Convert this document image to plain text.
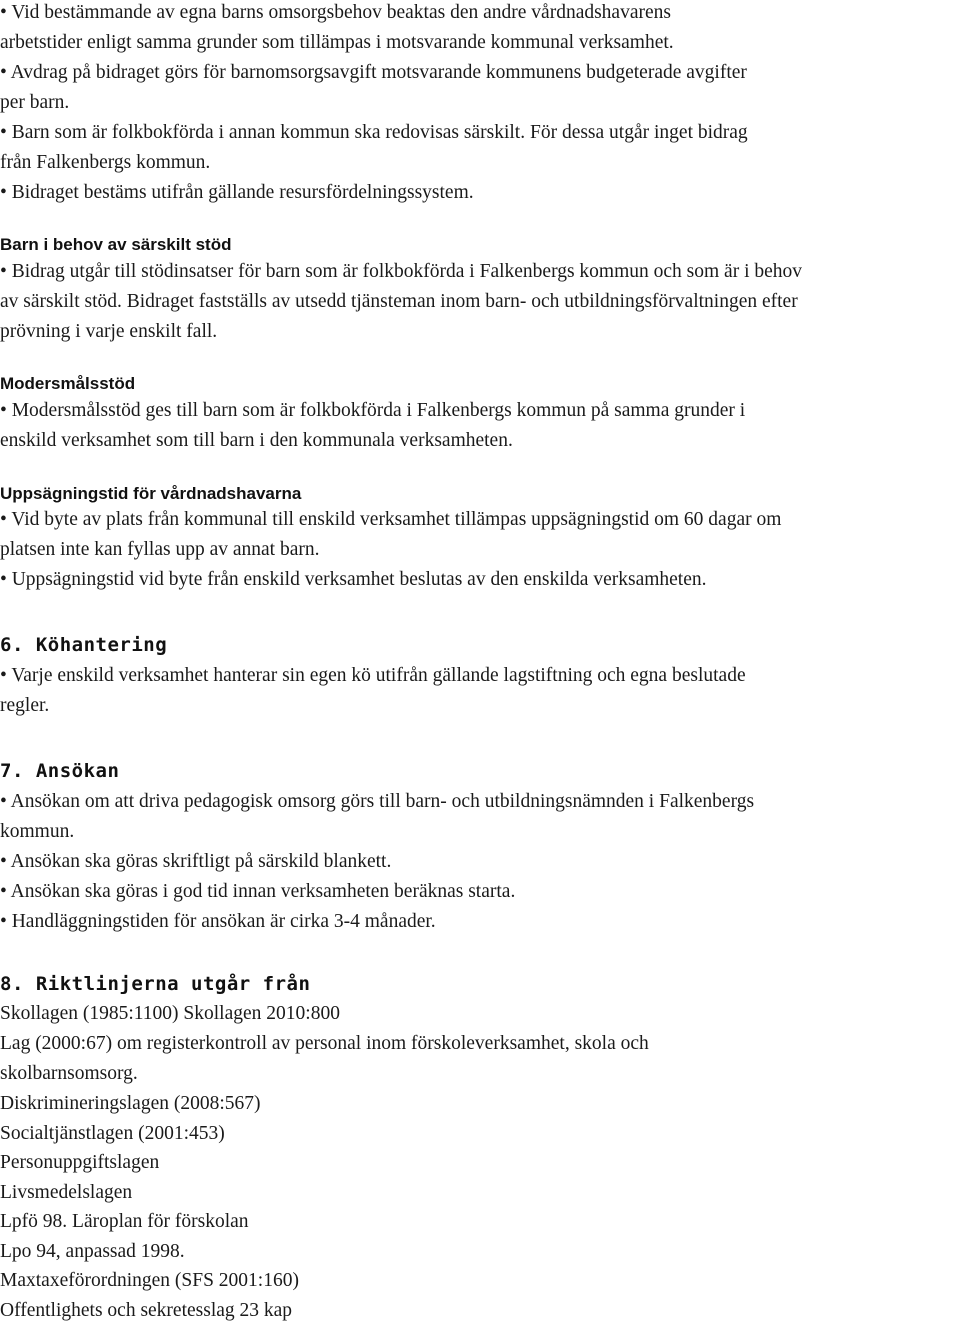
• Vid bestämmande av egna barns omsorgsbehov beaktas den andre vårdnadshavarens
arbetstider enligt samma grunder som tillämpas i motsvarande kommunal verksamhet.
• Avdrag på bidraget görs för barnomsorgsavgift motsvarande kommunens budgeterade avgifter
per barn.
• Barn som är folkbokförda i annan kommun ska redovisas särskilt. För dessa utgår inget bidrag
från Falkenbergs kommun.
• Bidraget bestäms utifrån gällande resursfördelningssystem.
Barn i behov av särskilt stöd
• Bidrag utgår till stödinsatser för barn som är folkbokförda i Falkenbergs kommun och som är i behov
av särskilt stöd. Bidraget fastställs av utsedd tjänsteman inom barn- och utbildningsförvaltningen efter
prövning i varje enskilt fall.
Modersmålsstöd
• Modersmålsstöd ges till barn som är folkbokförda i Falkenbergs kommun på samma grunder i
enskild verksamhet som till barn i den kommunala verksamheten.
Uppsägningstid för vårdnadshavarna
• Vid byte av plats från kommunal till enskild verksamhet tillämpas uppsägningstid om 60 dagar om
platsen inte kan fyllas upp av annat barn.
• Uppsägningstid vid byte från enskild verksamhet beslutas av den enskilda verksamheten.
6. Köhantering
• Varje enskild verksamhet hanterar sin egen kö utifrån gällande lagstiftning och egna beslutade
regler.
7. Ansökan
• Ansökan om att driva pedagogisk omsorg görs till barn- och utbildningsnämnden i Falkenbergs
kommun.
• Ansökan ska göras skriftligt på särskild blankett.
• Ansökan ska göras i god tid innan verksamheten beräknas starta.
• Handläggningstiden för ansökan är cirka 3-4 månader.
8. Riktlinjerna utgår från
Skollagen (1985:1100) Skollagen 2010:800
Lag (2000:67) om registerkontroll av personal inom förskoleverksamhet, skola och
skolbarnsomsorg.
Diskrimineringslagen (2008:567)
Socialtjänstlagen (2001:453)
Personuppgiftslagen
Livsmedelslagen
Lpfö 98. Läroplan för förskolan
Lpo 94, anpassad 1998.
Maxtaxeförordningen (SFS 2001:160)
Offentlighets och sekretesslag 23 kap
